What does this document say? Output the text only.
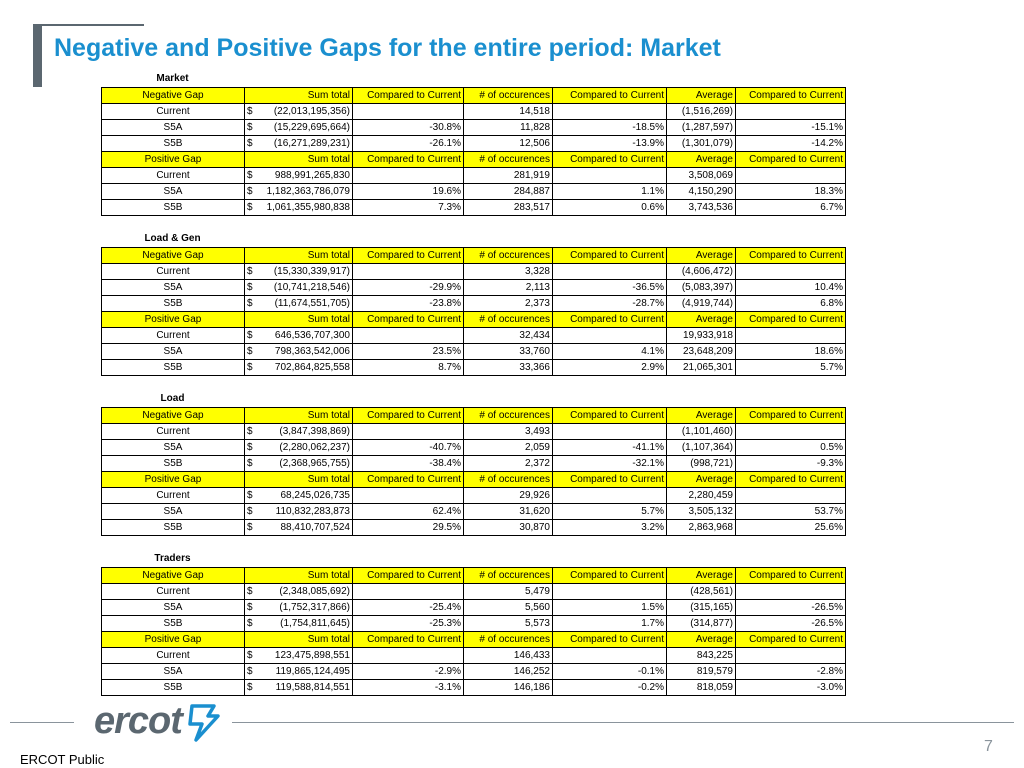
Negative and Positive Gaps for the entire period: Market
Market
Negative Gap	Sum total	Compared to Current	# of occurences	Compared to Current	Average	Compared to Current
Current	$ (22,013,195,356)		14,518		(1,516,269)	
S5A	$ (15,229,695,664)	-30.8%	11,828	-18.5%	(1,287,597)	-15.1%
S5B	$ (16,271,289,231)	-26.1%	12,506	-13.9%	(1,301,079)	-14.2%
Positive Gap	Sum total	Compared to Current	# of occurences	Compared to Current	Average	Compared to Current
Current	$ 988,991,265,830		281,919		3,508,069	
S5A	$ 1,182,363,786,079	19.6%	284,887	1.1%	4,150,290	18.3%
S5B	$ 1,061,355,980,838	7.3%	283,517	0.6%	3,743,536	6.7%
Load & Gen
Negative Gap	Sum total	Compared to Current	# of occurences	Compared to Current	Average	Compared to Current
Current	$ (15,330,339,917)		3,328		(4,606,472)	
S5A	$ (10,741,218,546)	-29.9%	2,113	-36.5%	(5,083,397)	10.4%
S5B	$ (11,674,551,705)	-23.8%	2,373	-28.7%	(4,919,744)	6.8%
Positive Gap	Sum total	Compared to Current	# of occurences	Compared to Current	Average	Compared to Current
Current	$ 646,536,707,300		32,434		19,933,918	
S5A	$ 798,363,542,006	23.5%	33,760	4.1%	23,648,209	18.6%
S5B	$ 702,864,825,558	8.7%	33,366	2.9%	21,065,301	5.7%
Load
Negative Gap	Sum total	Compared to Current	# of occurences	Compared to Current	Average	Compared to Current
Current	$ (3,847,398,869)		3,493		(1,101,460)	
S5A	$ (2,280,062,237)	-40.7%	2,059	-41.1%	(1,107,364)	0.5%
S5B	$ (2,368,965,755)	-38.4%	2,372	-32.1%	(998,721)	-9.3%
Positive Gap	Sum total	Compared to Current	# of occurences	Compared to Current	Average	Compared to Current
Current	$ 68,245,026,735		29,926		2,280,459	
S5A	$ 110,832,283,873	62.4%	31,620	5.7%	3,505,132	53.7%
S5B	$ 88,410,707,524	29.5%	30,870	3.2%	2,863,968	25.6%
Traders
Negative Gap	Sum total	Compared to Current	# of occurences	Compared to Current	Average	Compared to Current
Current	$ (2,348,085,692)		5,479		(428,561)	
S5A	$ (1,752,317,866)	-25.4%	5,560	1.5%	(315,165)	-26.5%
S5B	$ (1,754,811,645)	-25.3%	5,573	1.7%	(314,877)	-26.5%
Positive Gap	Sum total	Compared to Current	# of occurences	Compared to Current	Average	Compared to Current
Current	$ 123,475,898,551		146,433		843,225	
S5A	$ 119,865,124,495	-2.9%	146,252	-0.1%	819,579	-2.8%
S5B	$ 119,588,814,551	-3.1%	146,186	-0.2%	818,059	-3.0%
ercot
ERCOT Public
7
